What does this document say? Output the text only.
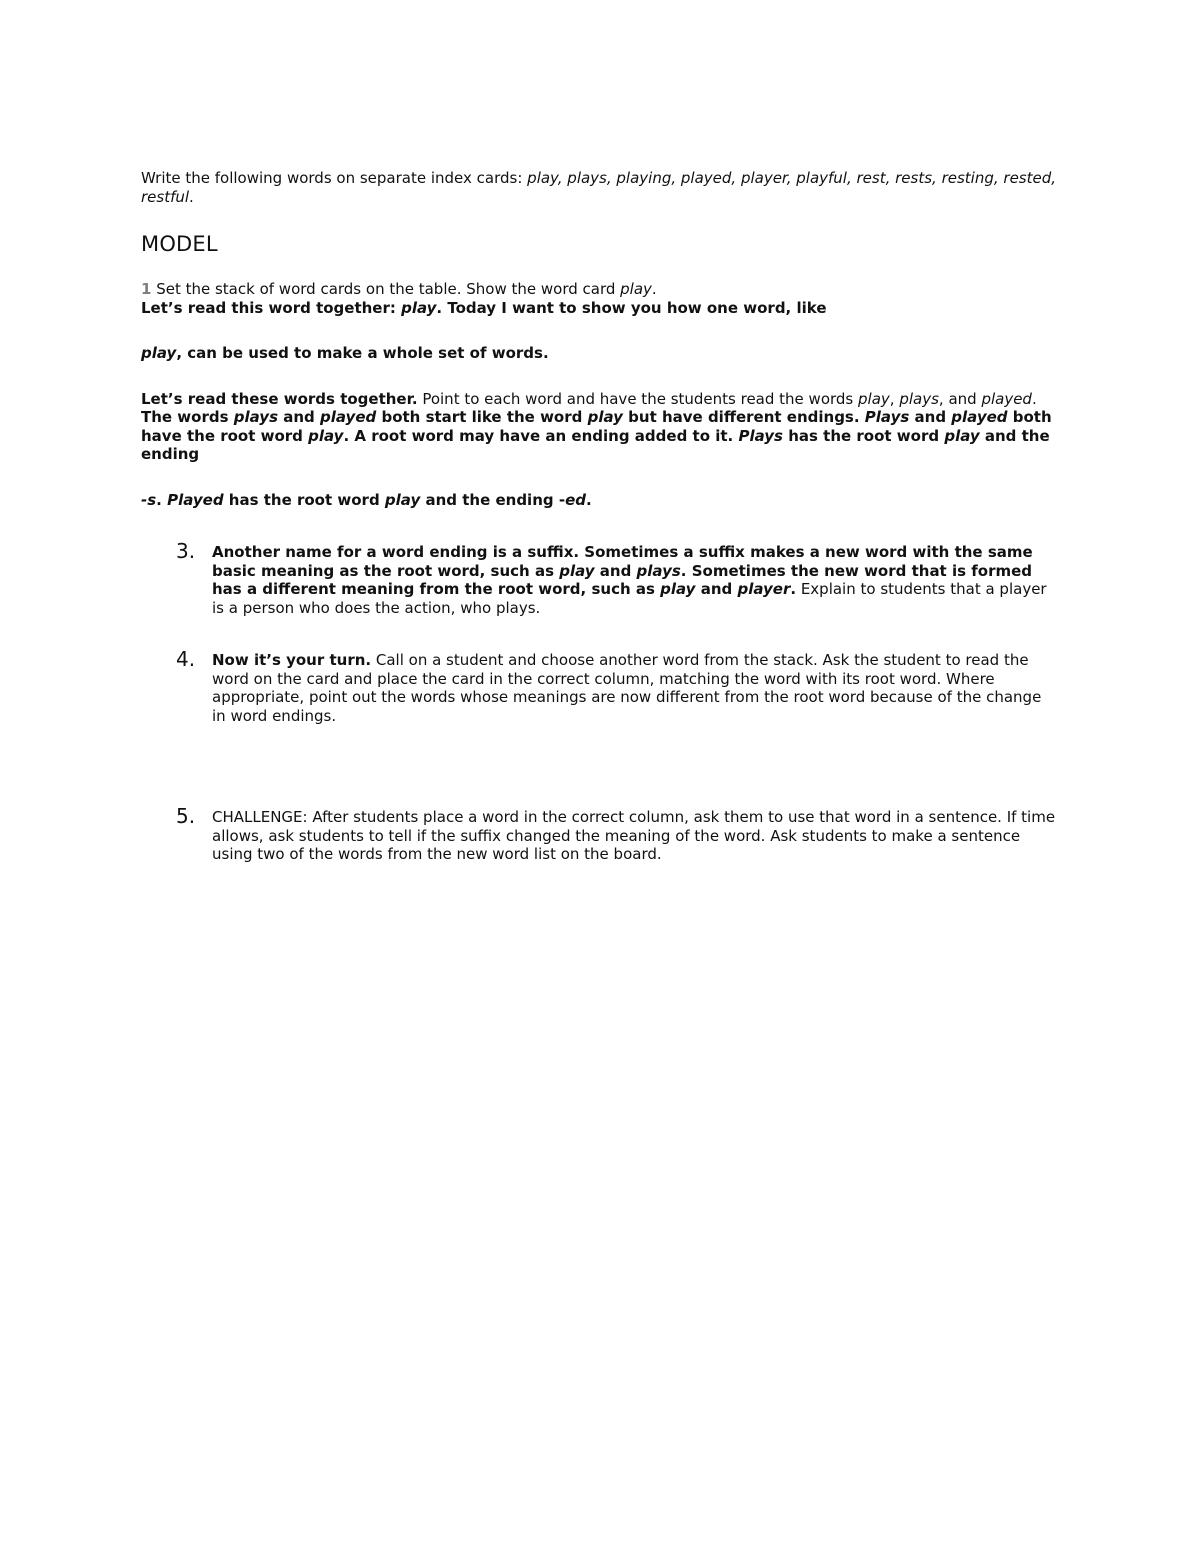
Write the following words on separate index cards: play, plays, playing, played, player, playful, rest, rests, resting, rested, restful.

MODEL

1 Set the stack of word cards on the table. Show the word card play.

Let’s read this word together: play. Today I want to show you how one word, like

play, can be used to make a whole set of words.

Let’s read these words together. Point to each word and have the students read the words play, plays, and played. The words plays and played both start like the word play but have different endings. Plays and played both have the root word play. A root word may have an ending added to it. Plays has the root word play and the ending

-s. Played has the root word play and the ending -ed.

3. Another name for a word ending is a suffix. Sometimes a suffix makes a new word with the same basic meaning as the root word, such as play and plays. Sometimes the new word that is formed has a different meaning from the root word, such as play and player. Explain to students that a player is a person who does the action, who plays.
4. Now it’s your turn. Call on a student and choose another word from the stack. Ask the student to read the word on the card and place the card in the correct column, matching the word with its root word. Where appropriate, point out the words whose meanings are now different from the root word because of the change in word endings.
5. CHALLENGE: After students place a word in the correct column, ask them to use that word in a sentence. If time allows, ask students to tell if the suffix changed the meaning of the word. Ask students to make a sentence using two of the words from the new word list on the board.
